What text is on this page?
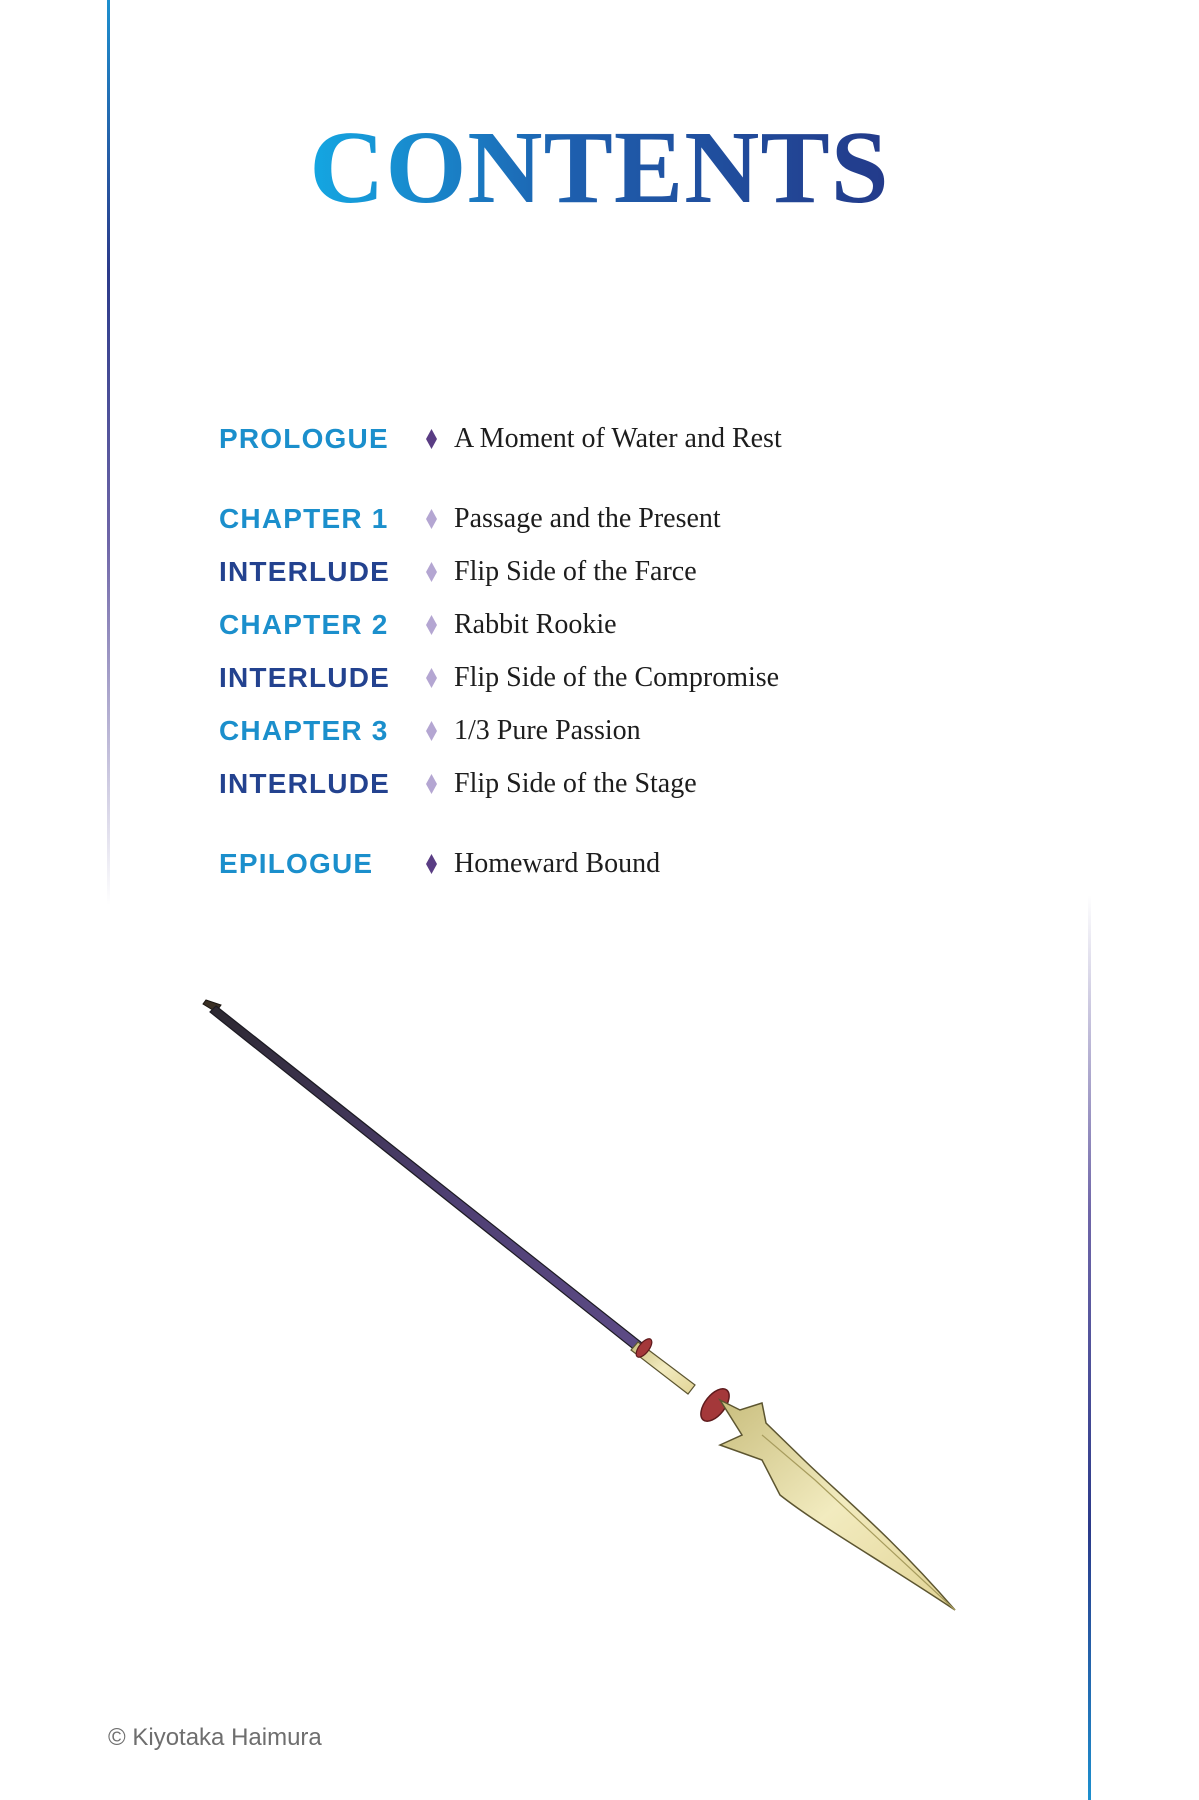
CONTENTS
PROLOGUE A Moment of Water and Rest
CHAPTER 1 Passage and the Present
INTERLUDE Flip Side of the Farce
CHAPTER 2 Rabbit Rookie
INTERLUDE Flip Side of the Compromise
CHAPTER 3 1/3 Pure Passion
INTERLUDE Flip Side of the Stage
EPILOGUE	Homeward Bound
© Kiyotaka Haimura
